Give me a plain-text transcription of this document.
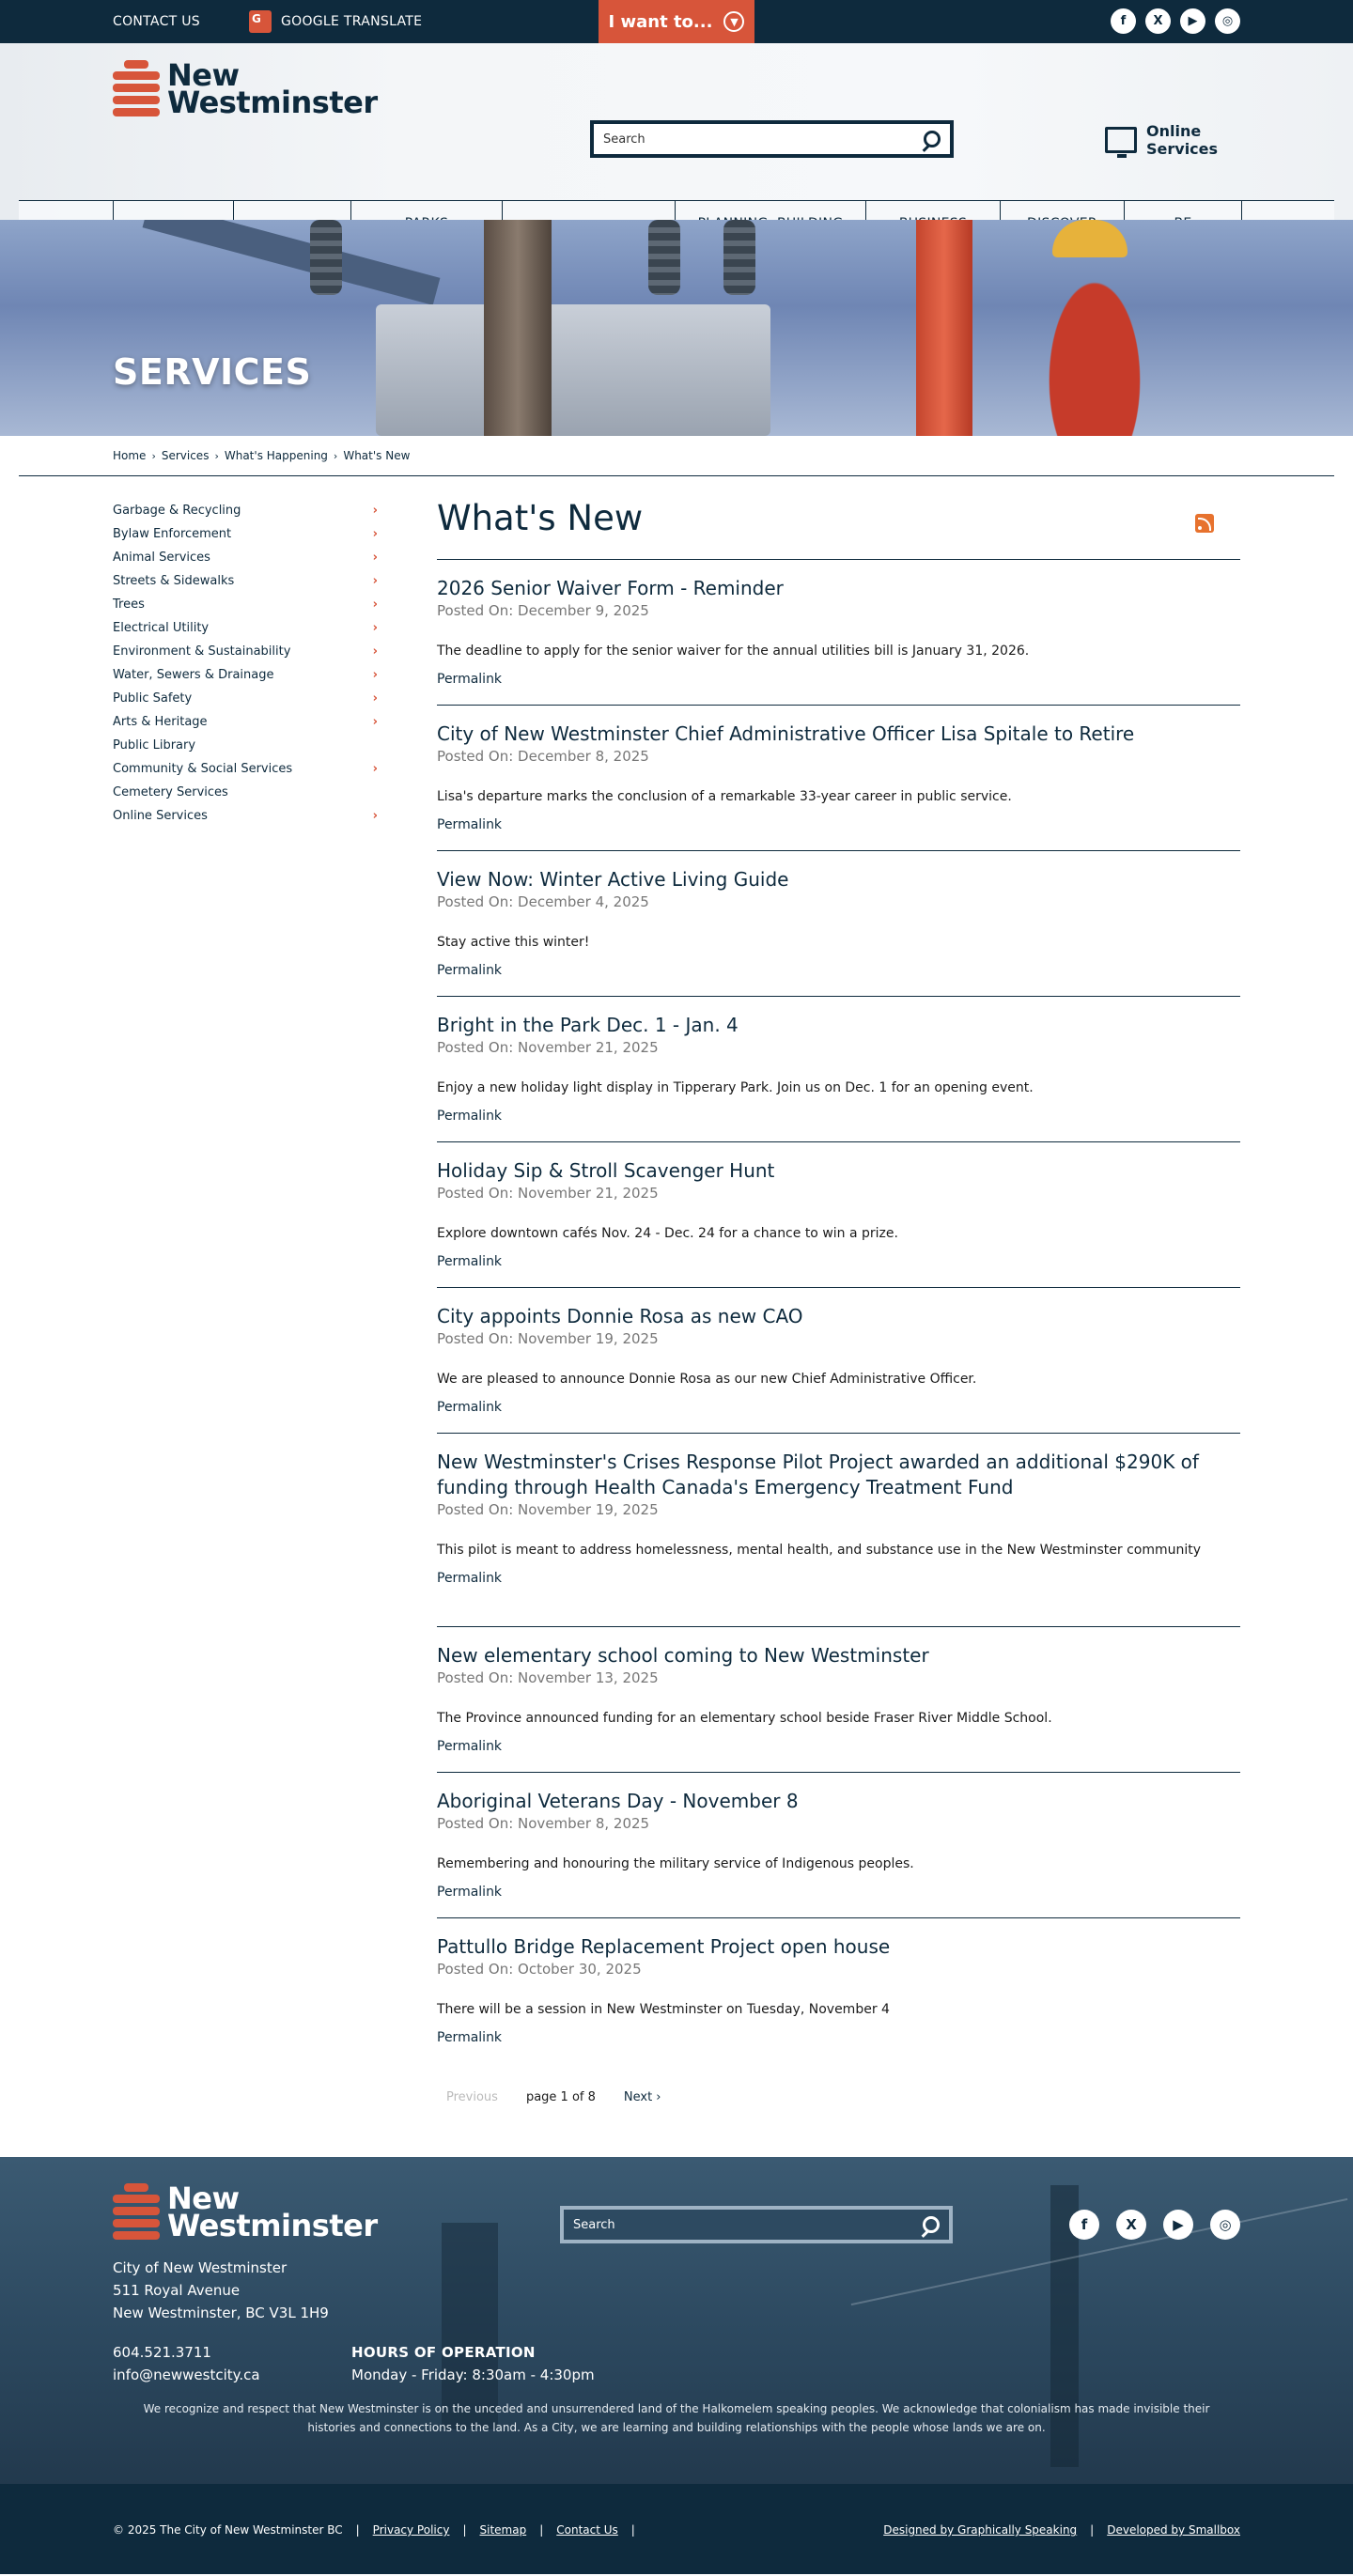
CONTACT US
G	GOOGLE TRANSLATE	I want to...	▼	f	X	▶	◎
New
Westminster
Search	Online
Services
SERVICES
Home › Services › What's Happening › What's New
Garbage & Recycling	›
Bylaw Enforcement	›
Animal Services	›
Streets & Sidewalks	›
Trees	›
Electrical Utility	›
Environment & Sustainability	›
Water, Sewers & Drainage	›
Public Safety	›
Arts & Heritage	›
Public Library
Community & Social Services	›
Cemetery Services
Online Services	›
What's New
2026 Senior Waiver Form - Reminder
Posted On: December 9, 2025

The deadline to apply for the senior waiver for the annual utilities bill is January 31, 2026.

Permalink
City of New Westminster Chief Administrative Officer Lisa Spitale to Retire
Posted On: December 8, 2025

Lisa's departure marks the conclusion of a remarkable 33-year career in public service.

Permalink
View Now: Winter Active Living Guide
Posted On: December 4, 2025

Stay active this winter!

Permalink
Bright in the Park Dec. 1 - Jan. 4
Posted On: November 21, 2025

Enjoy a new holiday light display in Tipperary Park. Join us on Dec. 1 for an opening event.

Permalink
Holiday Sip & Stroll Scavenger Hunt
Posted On: November 21, 2025

Explore downtown cafés Nov. 24 - Dec. 24 for a chance to win a prize.

Permalink
City appoints Donnie Rosa as new CAO
Posted On: November 19, 2025

We are pleased to announce Donnie Rosa as our new Chief Administrative Officer.

Permalink
New Westminster's Crises Response Pilot Project awarded an additional $290K of funding through Health Canada's Emergency Treatment Fund
Posted On: November 19, 2025

This pilot is meant to address homelessness, mental health, and substance use in the New Westminster community

Permalink
New elementary school coming to New Westminster
Posted On: November 13, 2025

The Province announced funding for an elementary school beside Fraser River Middle School.

Permalink
Aboriginal Veterans Day - November 8
Posted On: November 8, 2025

Remembering and honouring the military service of Indigenous peoples.

Permalink
Pattullo Bridge Replacement Project open house
Posted On: October 30, 2025

There will be a session in New Westminster on Tuesday, November 4

Permalink
Previous page 1 of 8 Next ›
New
Westminster	Search	f	X	▶	◎
City of New Westminster
511 Royal Avenue
New Westminster, BC V3L 1H9
604.521.3711
info@newwestcity.ca
HOURS OF OPERATION
Monday - Friday: 8:30am - 4:30pm

We recognize and respect that New Westminster is on the unceded and unsurrendered land of the Halkomelem speaking peoples. We acknowledge that colonialism has made invisible their histories and connections to the land. As a City, we are learning and building relationships with the people whose lands we are on.

© 2025 The City of New Westminster BC | Privacy Policy | Sitemap | Contact Us |	Designed by Graphically Speaking | Developed by Smallbox
